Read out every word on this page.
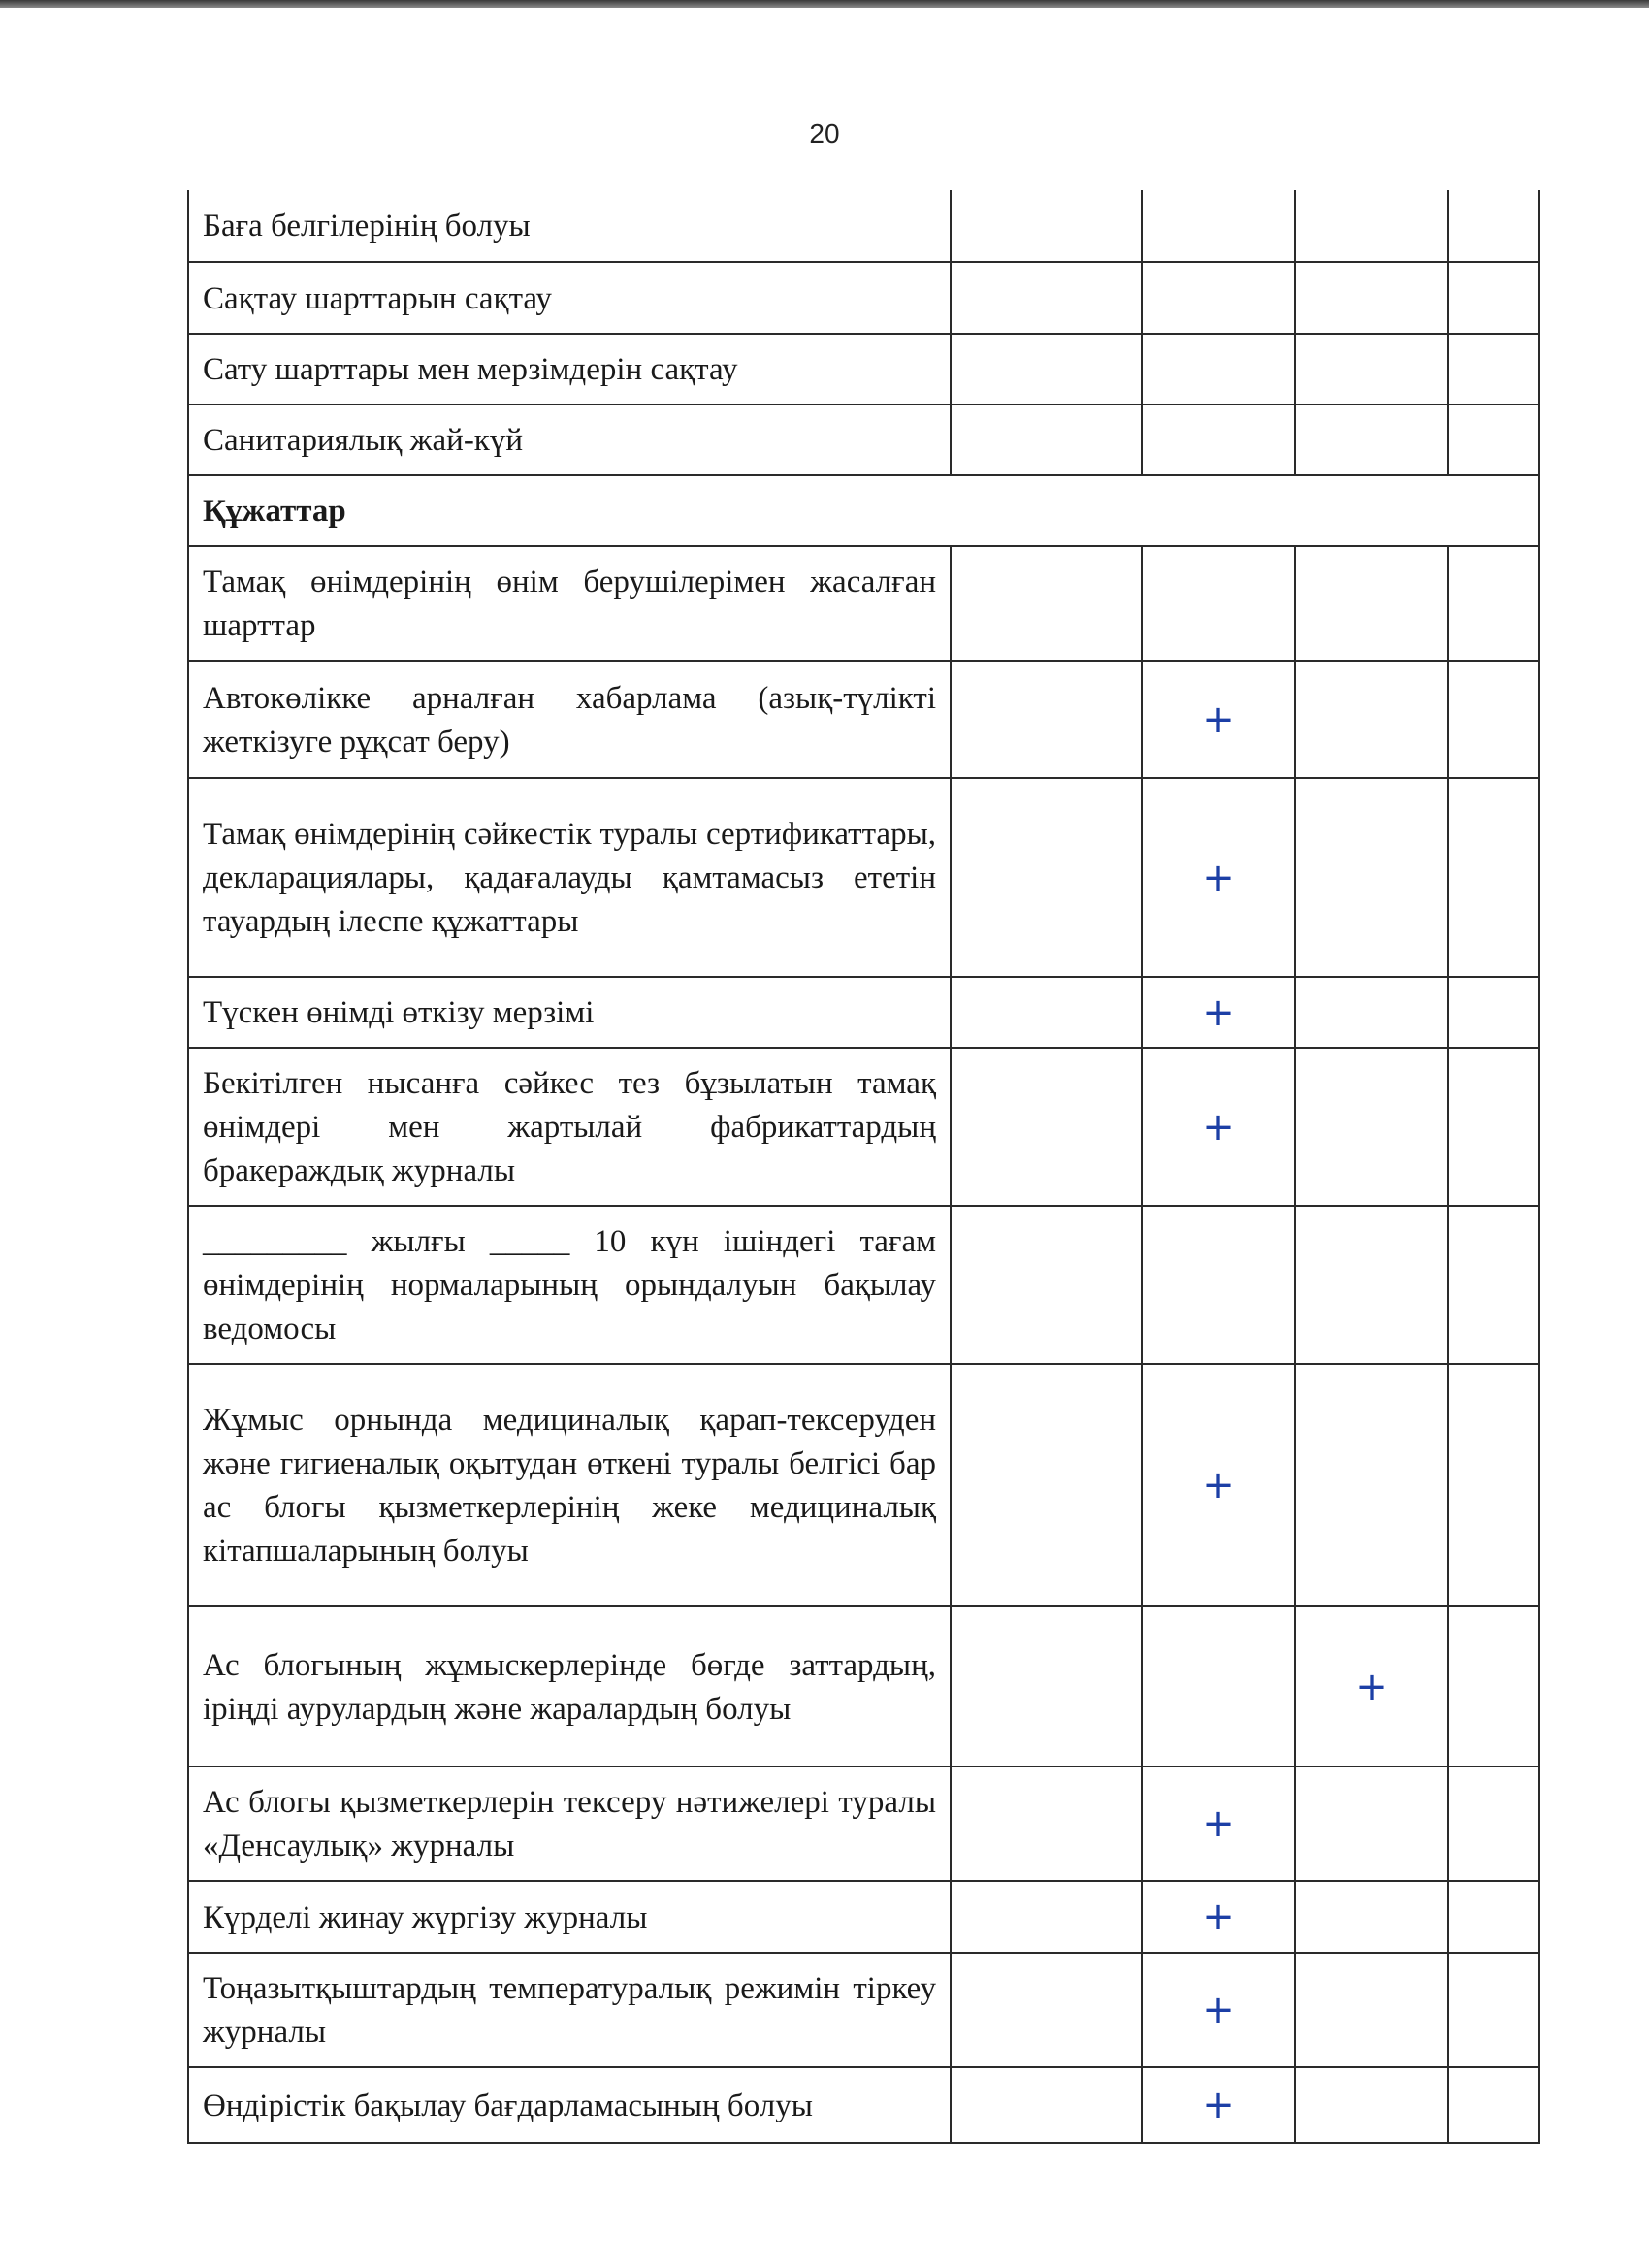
20
Баға белгілерінің болуы				

Сақтау шарттарын сақтау				

Сату шарттары мен мерзімдерін сақтау				

Санитариялық жай-күй				

Құжаттар				

Тамақ өнімдерінің өнім берушілерімен жасалған шарттар				

Автокөлікке арналған хабарлама (азық-түлікті жеткізуге рұқсат беру)		+		

Тамақ өнімдерінің сәйкестік туралы сертификаттары, декларациялары, қадағалауды қамтамасыз ететін тауардың ілеспе құжаттары		+		

Түскен өнімді өткізу мерзімі		+		

Бекітілген нысанға сәйкес тез бұзылатын тамақ өнімдері мен жартылай фабрикаттардың бракераждық журналы		+		

_________ жылғы _____ 10 күн ішіндегі тағам өнімдерінің нормаларының орындалуын бақылау ведомосы				

Жұмыс орнында медициналық қарап-тексеруден және гигиеналық оқытудан өткені туралы белгісі бар ас блогы қызметкерлерінің жеке медициналық кітапшаларының болуы		+		

Ас блогының жұмыскерлерінде бөгде заттардың, іріңді аурулардың және жаралардың болуы			+	

Ас блогы қызметкерлерін тексеру нәтижелері туралы «Денсаулық» журналы		+		

Күрделі жинау жүргізу журналы		+		

Тоңазытқыштардың температуралық режимін тіркеу журналы		+		

Өндірістік бақылау бағдарламасының болуы		+		
